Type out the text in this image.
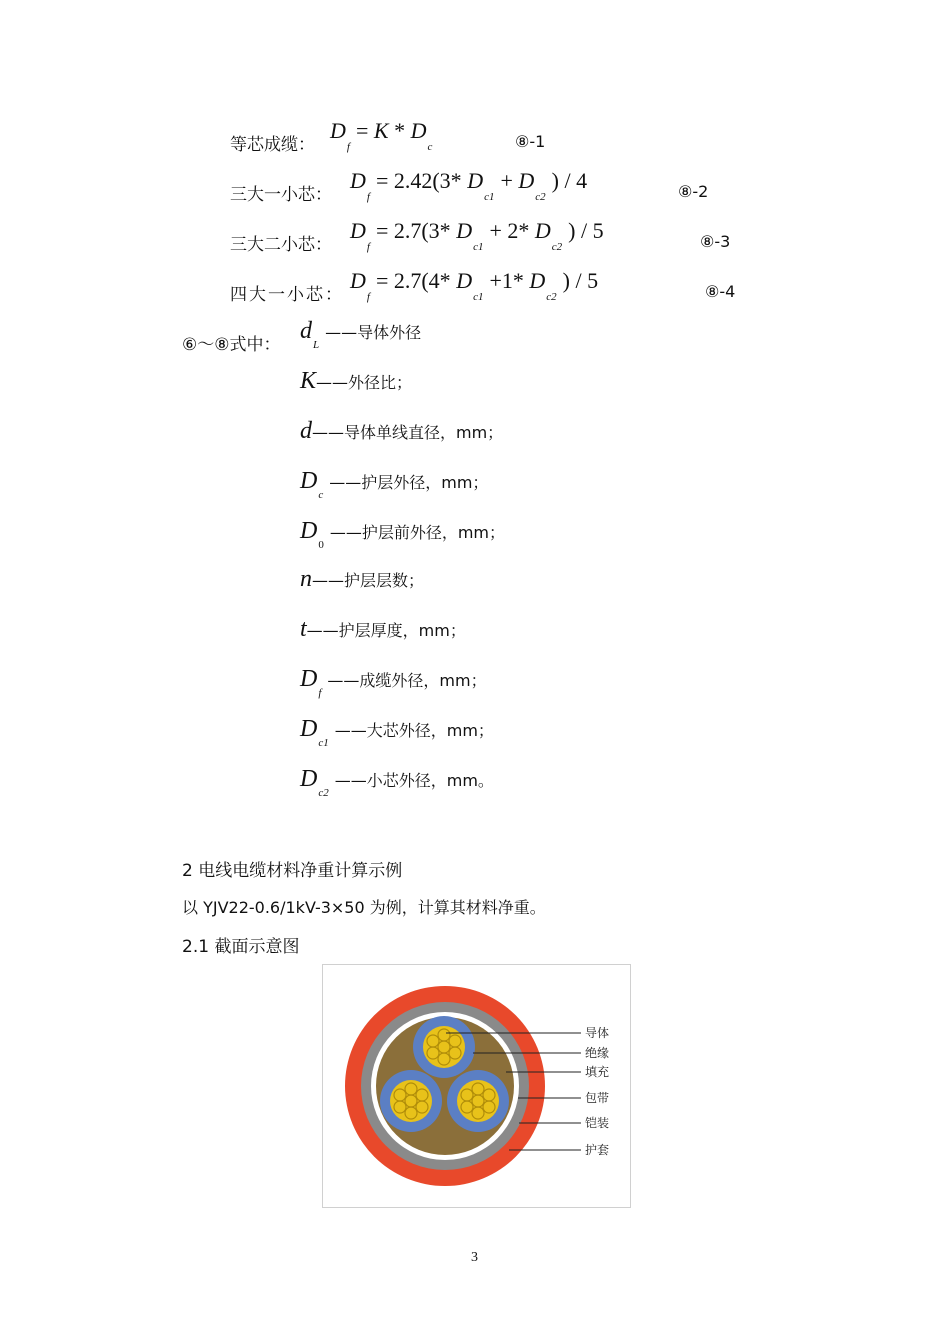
等芯成缆：
$D_f= K * D_c$	⑧-1
三大一小芯：
$D_f= 2.42(3*$ $D_{c1}+ D_{c2}) / 4$	⑧-2
三大二小芯：
$D_f= 2.7(3*$ $D_{c1}+ 2*$ $D_{c2}) / 5$	⑧-3
四大一小芯：
$D_f= 2.7(4*$ $D_{c1}+1*$ $D_{c2}) / 5$	⑧-4
⑥～⑧式中：
$d_L——$导体外径
K——外径比；
d——导体单线直径，mm；
$D_c——$护层外径，mm；
$D_0——$护层前外径，mm；
n——护层层数；
t——护层厚度，mm；
$D_f——$成缆外径，mm；
$D_{c1}——$大芯外径，mm；
$D_{c2}——$小芯外径，mm。
2 电线电缆材料净重计算示例
以 YJV22-0.6/1kV-3×50 为例，计算其材料净重。
2.1 截面示意图
导体
绝缘
填充
包带
铠装
护套
3
